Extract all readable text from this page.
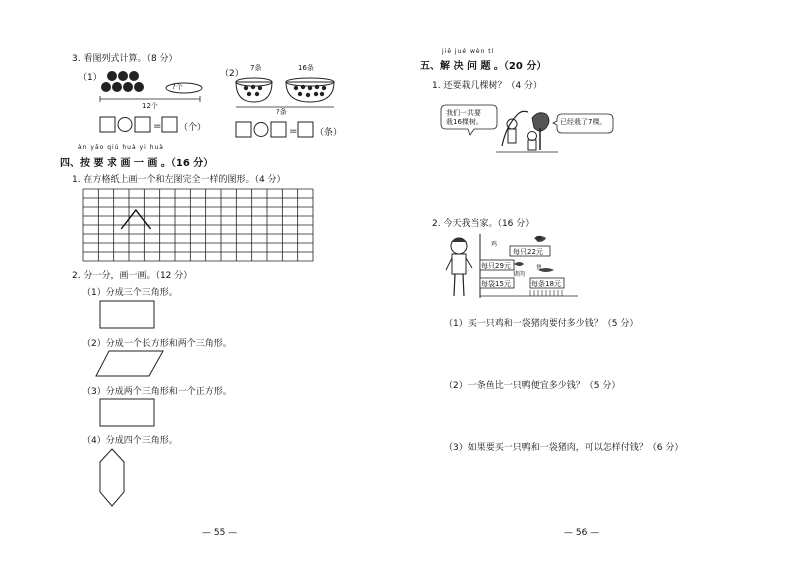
3. 看图列式计算。（8 分）
（1）
?个
12个
= （个）
（2）
7条	16条
?条
= （条）
àn yāo qiú huà yi huà
四、按 要 求 画 一 画 。（16 分）
1. 在方格纸上画一个和左图完全一样的图形。（4 分）
2. 分一分，画一画。（12 分）
（1）分成三个三角形。
（2）分成一个长方形和两个三角形。
（3）分成两个三角形和一个正方形。
（4）分成四个三角形。
— 55 —
jiě jué wèn tí
五、解 决 问 题 。（20 分）
1. 还要栽几棵树？（4 分）
我们一共要
栽16棵树。	已经栽了7棵。
2. 今天我当家。（16 分）
鸡
鸭
每只22元
每只29元
猪肉
鱼
每袋15元	每条18元
（1）买一只鸡和一袋猪肉要付多少钱？（5 分）
（2）一条鱼比一只鸭便宜多少钱？（5 分）
（3）如果要买一只鸭和一袋猪肉，可以怎样付钱？（6 分）
— 56 —
